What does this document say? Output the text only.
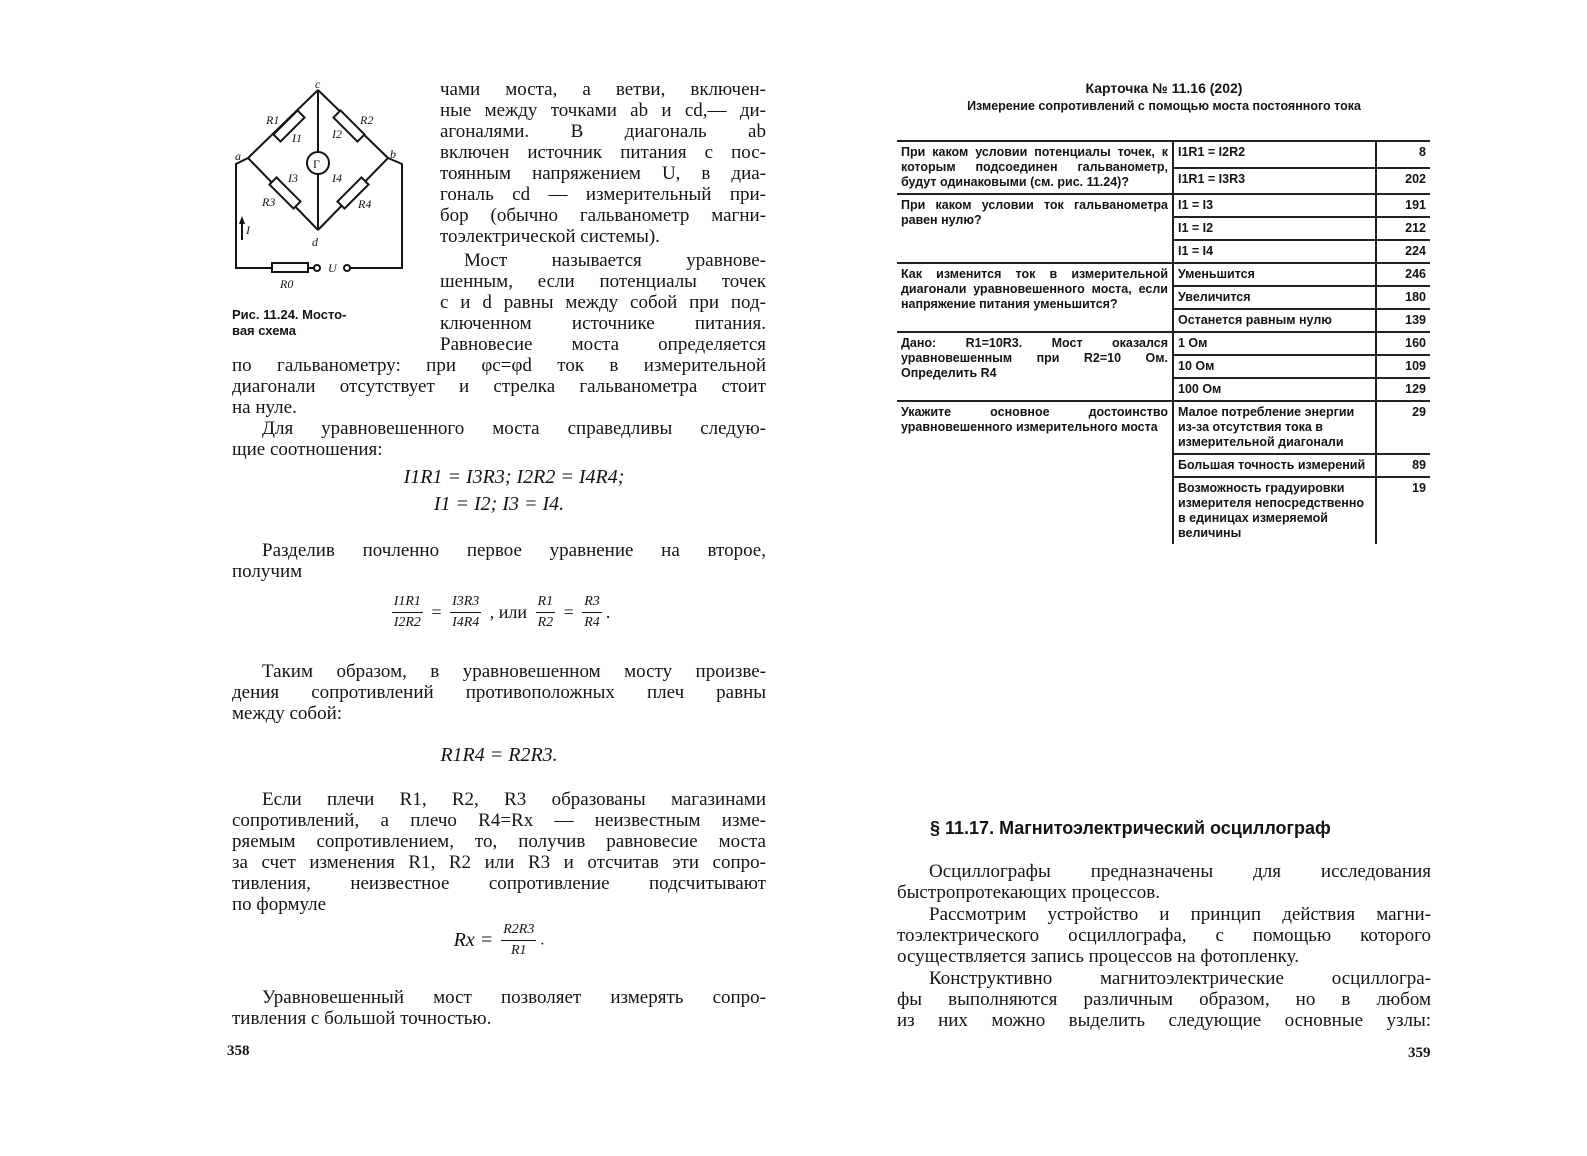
c
a	b
d
R1	R2
R3	R4
I1	I2
I3	I4
Г
I
U
R0
Рис. 11.24. Мосто-
вая схема

чами моста, а ветви, включен-

ные между точками ab и cd,— ди-

агоналями. В диагональ ab

включен источник питания с пос-

тоянным напряжением U, в диа-

гональ cd — измерительный при-

бор (обычно гальванометр магни-

тоэлектрической системы).

Мост называется уравнове-

шенным, если потенциалы точек

c и d равны между собой при под-

ключенном источнике питания.

Равновесие моста определяется

по гальванометру: при φc=φd ток в измерительной

диагонали отсутствует и стрелка гальванометра стоит

на нуле.

Для уравновешенного моста справедливы следую-

щие соотношения:

I1R1 = I3R3; I2R2 = I4R4;
I1 = I2; I3 = I4.

Разделив почленно первое уравнение на второе,

получим

$\frac{I1R1}{I2R2} = \frac{I3R3}{I4R4}$ , или $\frac{R1}{R2} = \frac{R3}{R4}$ .

Таким образом, в уравновешенном мосту произве-

дения сопротивлений противоположных плеч равны

между собой:

R1R4 = R2R3.

Если плечи R1, R2, R3 образованы магазинами

сопротивлений, а плечо R4=Rx — неизвестным изме-

ряемым сопротивлением, то, получив равновесие моста

за счет изменения R1, R2 или R3 и отсчитав эти сопро-

тивления, неизвестное сопротивление подсчитывают

по формуле

$Rx = \frac{R2R3}{R1}$ .

Уравновешенный мост позволяет измерять сопро-

тивления с большой точностью.

358
Карточка № 11.16 (202)
Измерение сопротивлений с помощью моста постоянного тока
При каком условии потенциалы точек, к которым подсоединен гальванометр, будут одинаковыми (см. рис. 11.24)?	I1R1 = I2R2	8
	I1R1 = I3R3	202
При каком условии ток гальванометра равен нулю?	I1 = I3	191
	I1 = I2	212
	I1 = I4	224
Как изменится ток в измерительной диагонали уравновешенного моста, если напряжение питания уменьшится?	Уменьшится	246
	Увеличится	180
	Останется равным нулю	139
Дано: R1=10R3. Мост оказался уравновешенным при R2=10 Ом. Определить R4	1 Ом	160
	10 Ом	109
	100 Ом	129
Укажите основное достоинство уравновешенного измерительного моста	Малое потребление энергии из-за отсутствия тока в измерительной диагонали	29
	Большая точность измерений	89
	Возможность градуировки измерителя непосредственно в единицах измеряемой величины	19
§ 11.17. Магнитоэлектрический осциллограф

Осциллографы предназначены для исследования

быстропротекающих процессов.

Рассмотрим устройство и принцип действия магни-

тоэлектрического осциллографа, с помощью которого

осуществляется запись процессов на фотопленку.

Конструктивно магнитоэлектрические осциллогра-

фы выполняются различным образом, но в любом

из них можно выделить следующие основные узлы:

359
